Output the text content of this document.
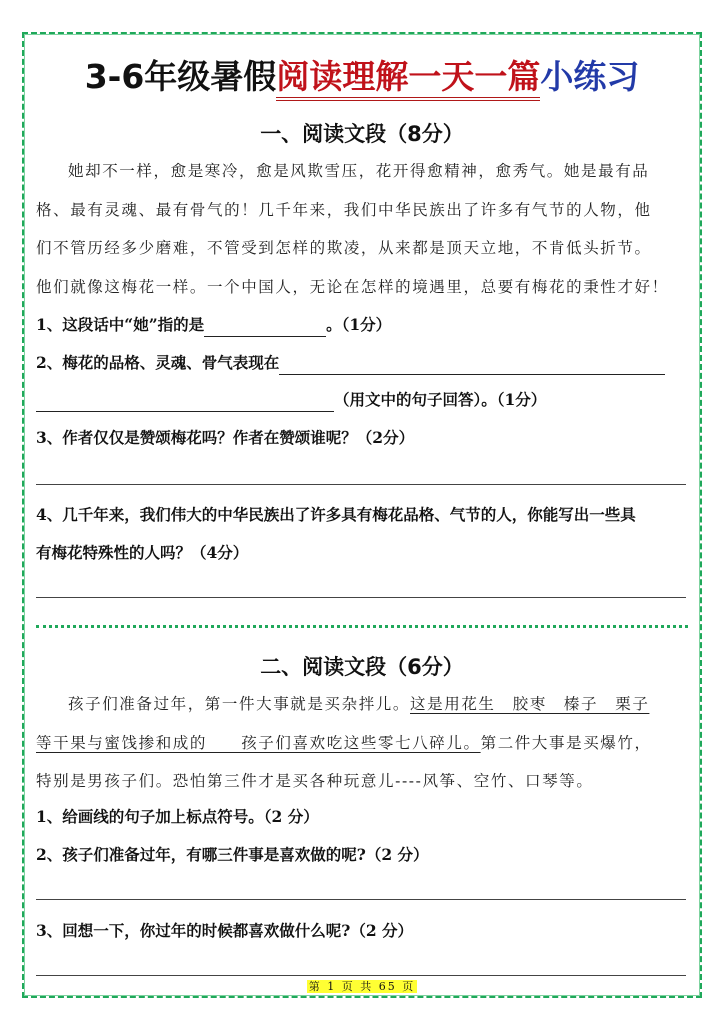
3-6年级暑假阅读理解一天一篇小练习
一、阅读文段（8分）
她却不一样，愈是寒冷，愈是风欺雪压，花开得愈精神，愈秀气。她是最有品
格、最有灵魂、最有骨气的！几千年来，我们中华民族出了许多有气节的人物，他
们不管历经多少磨难，不管受到怎样的欺凌，从来都是顶天立地，不肯低头折节。
他们就像这梅花一样。一个中国人，无论在怎样的境遇里，总要有梅花的秉性才好！
1、这段话中“她”指的是	。（1分）
2、梅花的品格、灵魂、骨气表现在
（用文中的句子回答）。（1分）
3、作者仅仅是赞颂梅花吗？作者在赞颂谁呢？（2分）
4、几千年来，我们伟大的中华民族出了许多具有梅花品格、气节的人，你能写出一些具
有梅花特殊性的人吗？（4分）
二、阅读文段（6分）
孩子们准备过年，第一件大事就是买杂拌儿。这是用花生　胶枣　榛子　栗子
等干果与蜜饯掺和成的　　孩子们喜欢吃这些零七八碎儿。第二件大事是买爆竹，
特别是男孩子们。恐怕第三件才是买各种玩意儿----风筝、空竹、口琴等。
1、给画线的句子加上标点符号。（2 分）
2、孩子们准备过年，有哪三件事是喜欢做的呢?（2 分）
3、回想一下，你过年的时候都喜欢做什么呢?（2 分）
第 1 页 共 65 页
